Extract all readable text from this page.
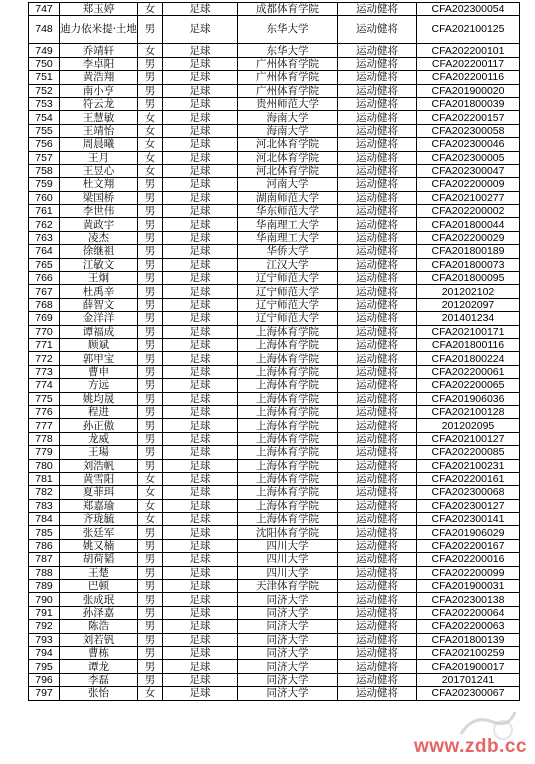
747	郑玉婷	女	足球	成都体育学院	运动健将	CFA202300054
748	迪力依米提·土地	男	足球	东华大学	运动健将	CFA202100125
749	乔靖轩	女	足球	东华大学	运动健将	CFA202200101
750	李卓阳	男	足球	广州体育学院	运动健将	CFA202200117
751	黄浩翔	男	足球	广州体育学院	运动健将	CFA202200116
752	南小亨	男	足球	广州体育学院	运动健将	CFA201900020
753	符云龙	男	足球	贵州师范大学	运动健将	CFA201800039
754	王慧敏	女	足球	海南大学	运动健将	CFA202200157
755	王靖怡	女	足球	海南大学	运动健将	CFA202300058
756	周晨曦	女	足球	河北体育学院	运动健将	CFA202300046
757	王月	女	足球	河北体育学院	运动健将	CFA202300005
758	王昱心	女	足球	河北体育学院	运动健将	CFA202300047
759	杜文翔	男	足球	河南大学	运动健将	CFA202200009
760	梁国桥	男	足球	湖南师范大学	运动健将	CFA202100277
761	李世伟	男	足球	华东师范大学	运动健将	CFA202200002
762	黄政宇	男	足球	华南理工大学	运动健将	CFA201800044
763	凌杰	男	足球	华南理工大学	运动健将	CFA202200029
764	徐继祖	男	足球	华侨大学	运动健将	CFA201800189
765	江敏文	男	足球	江汉大学	运动健将	CFA201800073
766	王炯	男	足球	辽宁师范大学	运动健将	CFA201800095
767	杜禹辛	男	足球	辽宁师范大学	运动健将	201202102
768	薛智文	男	足球	辽宁师范大学	运动健将	201202097
769	金洋洋	男	足球	辽宁师范大学	运动健将	201401234
770	谭福成	男	足球	上海体育学院	运动健将	CFA202100171
771	顾斌	男	足球	上海体育学院	运动健将	CFA201800116
772	郭甲宝	男	足球	上海体育学院	运动健将	CFA201800224
773	曹申	男	足球	上海体育学院	运动健将	CFA202200061
774	方远	男	足球	上海体育学院	运动健将	CFA202200065
775	姚均晟	男	足球	上海体育学院	运动健将	CFA201906036
776	程进	男	足球	上海体育学院	运动健将	CFA202100128
777	孙正傲	男	足球	上海体育学院	运动健将	201202095
778	龙威	男	足球	上海体育学院	运动健将	CFA202100127
779	王瑒	男	足球	上海体育学院	运动健将	CFA202200085
780	刘浩帆	男	足球	上海体育学院	运动健将	CFA202100231
781	黄雪阳	女	足球	上海体育学院	运动健将	CFA202200161
782	夏菲珥	女	足球	上海体育学院	运动健将	CFA202300068
783	郑嘉瑜	女	足球	上海体育学院	运动健将	CFA202300127
784	齐珑毓	女	足球	上海体育学院	运动健将	CFA202300141
785	张廷军	男	足球	沈阳体育学院	运动健将	CFA201906029
786	姚又楠	男	足球	四川大学	运动健将	CFA202200167
787	胡荷韬	男	足球	四川大学	运动健将	CFA202200016
788	王楚	男	足球	四川大学	运动健将	CFA202200099
789	巴顿	男	足球	天津体育学院	运动健将	CFA201900031
790	张成珉	男	足球	同济大学	运动健将	CFA202300138
791	孙泽嘉	男	足球	同济大学	运动健将	CFA202200064
792	陈浩	男	足球	同济大学	运动健将	CFA202200063
793	刘若钒	男	足球	同济大学	运动健将	CFA201800139
794	曹栋	男	足球	同济大学	运动健将	CFA202100259
795	谭龙	男	足球	同济大学	运动健将	CFA201900017
796	李磊	男	足球	同济大学	运动健将	201701241
797	张怡	女	足球	同济大学	运动健将	CFA202300067
www.zdb.cc
